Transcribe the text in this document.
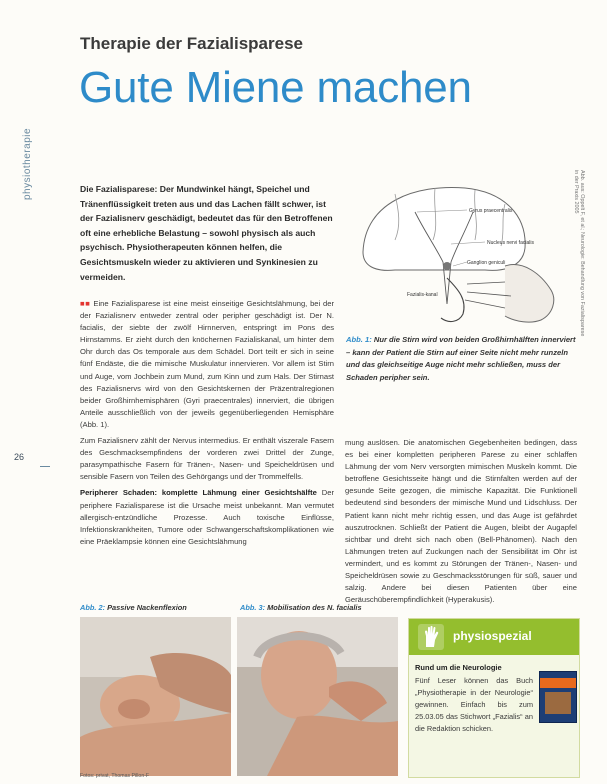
physiotherapie
26
Therapie der Fazialisparese
Gute Miene machen
Die Fazialisparese: Der Mundwinkel hängt, Speichel und Tränenflüssigkeit treten aus und das Lachen fällt schwer, ist der Fazialisnerv geschädigt, bedeutet das für den Betroffenen oft eine erhebliche Belastung – sowohl physisch als auch psychisch. Physiotherapeuten können helfen, die Gesichtsmuskeln wieder zu aktivieren und Synkinesien zu vermeiden.

■■ Eine Fazialisparese ist eine meist einseitige Gesichtslähmung, bei der der Fazialisnerv entweder zentral oder peripher geschädigt ist. Der N. facialis, der siebte der zwölf Hirnnerven, entspringt im Pons des Hirnstamms. Er zieht durch den knöchernen Fazialiskanal, um hinter dem Ohr durch das Os temporale aus dem Schädel. Dort teilt er sich in seine fünf Endäste, die die mimische Muskulatur innervieren. Vor allem ist Stirn und Auge, vom Jochbein zum Mund, zum Kinn und zum Hals. Der Stirnast des Fazialisnervs wird von den Gesichtskernen der Präzentralregionen beider Großhirnhemisphären (Gyri praecentrales) innerviert, die übrigen Anteile ausschließlich von der jeweils gegenüberliegenden Hemisphäre (Abb. 1).

Zum Fazialisnerv zählt der Nervus intermedius. Er enthält viszerale Fasern des Geschmacksempfindens der vorderen zwei Drittel der Zunge, parasympathische Fasern für Tränen-, Nasen- und Speicheldrüsen und sensible Fasern von Teilen des Gehörgangs und der Trommelfells.

Peripherer Schaden: komplette Lähmung einer Gesichtshälfte Der periphere Fazialisparese ist die Ursache meist unbekannt. Man vermutet allergisch-entzündliche Prozesse. Auch toxische Einflüsse, Infektionskrankheiten, Tumore oder Schwangerschaftskomplikationen wie eine Präeklampsie können eine Gesichtslähmung

Gyrus praecentralis
Nucleus nervi facialis
Ganglion geniculi
Fazialis-kanal	Abb. aus: Oppelt F, et al.; Neurologie: Behandlung von Fazialisparese in der Praxis 2005
Abb. 1: Nur die Stirn wird von beiden Großhirnhälften innerviert – kann der Patient die Stirn auf einer Seite nicht mehr runzeln und das gleichseitige Auge nicht mehr schließen, muss der Schaden peripher sein.
mung auslösen. Die anatomischen Gegebenheiten bedingen, dass es bei einer kompletten peripheren Parese zu einer schlaffen Lähmung der vom Nerv versorgten mimischen Muskeln kommt. Die betroffene Gesichtsseite hängt und die Stirnfalten werden auf der gesunde Seite gezogen, die mimische Kapazität. Die Funktionell bedeutend sind besonders der mimische Mund und Lidschluss. Der Patient kann nicht mehr richtig essen, und das Auge ist gefährdet auszutrocknen. Schließt der Patient die Augen, bleibt der Augapfel sichtbar und dreht sich nach oben (Bell-Phänomen). Nach den Lähmungen treten auf Zuckungen nach der Sensibilität im Ohr ist vermindert, und es kommt zu Störungen der Tränen-, Nasen- und Speicheldrüsen sowie zu Geschmacksstörungen für süß, sauer und salzig. Andere bei diesen Patienten über eine Geräuschüberempfindlichkeit (Hyperakusis).
Abb. 2: Passive Nackenflexion	Abb. 3: Mobilisation des N. facialis
Fotos: privat, Thomas Pillon-F
physiospezial
Rund um die Neurologie
Fünf Leser können das Buch „Physiotherapie in der Neurologie“ gewinnen. Einfach bis zum 25.03.05 das Stichwort „Fazialis“ an die Redaktion schicken.
